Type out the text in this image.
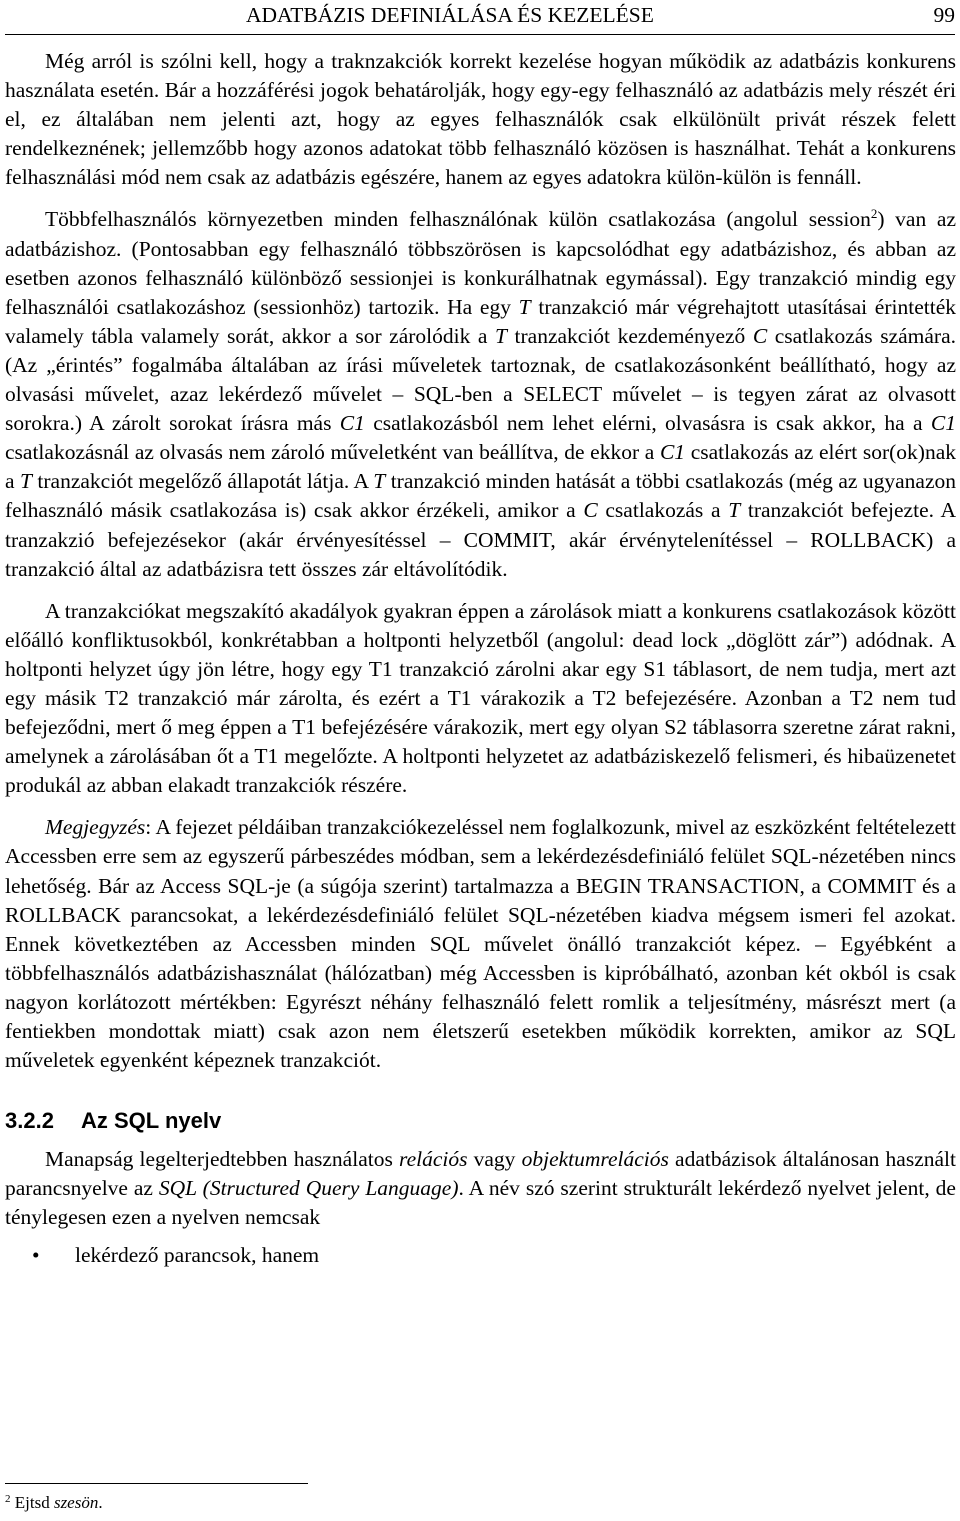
ADATBÁZIS DEFINIÁLÁSA ÉS KEZELÉSE	99

Még arról is szólni kell, hogy a traknzakciók korrekt kezelése hogyan működik az adatbázis konkurens használata esetén. Bár a hozzáférési jogok behatárolják, hogy egy-egy felhasználó az adatbázis mely részét éri el, ez általában nem jelenti azt, hogy az egyes felhasználók csak elkülönült privát részek felett rendelkeznének; jellemzőbb hogy azonos adatokat több felhasználó közösen is használhat. Tehát a konkurens felhasználási mód nem csak az adatbázis egészére, hanem az egyes adatokra külön-külön is fennáll.

Többfelhasználós környezetben minden felhasználónak külön csatlakozása (angolul session$^2$) van az adatbázishoz. (Pontosabban egy felhasználó többszörösen is kapcsolódhat egy adatbázishoz, és abban az esetben azonos felhasználó különböző sessionjei is konkurálhatnak egymással). Egy tranzakció mindig egy felhasználói csatlakozáshoz (sessionhöz) tartozik. Ha egy T tranzakció már végrehajtott utasításai érintették valamely tábla valamely sorát, akkor a sor zárolódik a T tranzakciót kezdeményező C csatlakozás számára. (Az „érintés” fogalmába általában az írási műveletek tartoznak, de csatlakozásonként beállítható, hogy az olvasási művelet, azaz lekérdező művelet – SQL-ben a SELECT művelet – is tegyen zárat az olvasott sorokra.) A zárolt sorokat írásra más C1 csatlakozásból nem lehet elérni, olvasásra is csak akkor, ha a C1 csatlakozásnál az olvasás nem zároló műveletként van beállítva, de ekkor a C1 csatlakozás az elért sor(ok)nak a T tranzakciót megelőző állapotát látja. A T tranzakció minden hatását a többi csatlakozás (még az ugyanazon felhasználó másik csatlakozása is) csak akkor érzékeli, amikor a C csatlakozás a T tranzakciót befejezte. A tranzakzió befejezésekor (akár érvényesítéssel – COMMIT, akár érvénytelenítéssel – ROLLBACK) a tranzakció által az adatbázisra tett összes zár eltávolítódik.

A tranzakciókat megszakító akadályok gyakran éppen a zárolások miatt a konkurens csatlakozások között előálló konfliktusokból, konkrétabban a holtponti helyzetből (angolul: dead lock „döglött zár”) adódnak. A holtponti helyzet úgy jön létre, hogy egy T1 tranzakció zárolni akar egy S1 táblasort, de nem tudja, mert azt egy másik T2 tranzakció már zárolta, és ezért a T1 várakozik a T2 befejezésére. Azonban a T2 nem tud befejeződni, mert ő meg éppen a T1 befejézésére várakozik, mert egy olyan S2 táblasorra szeretne zárat rakni, amelynek a zárolásában őt a T1 megelőzte. A holtponti helyzetet az adatbáziskezelő felismeri, és hibaüzenetet produkál az abban elakadt tranzakciók részére.

Megjegyzés: A fejezet példáiban tranzakciókezeléssel nem foglalkozunk, mivel az eszközként feltételezett Accessben erre sem az egyszerű párbeszédes módban, sem a lekérdezésdefiniáló felület SQL-nézetében nincs lehetőség. Bár az Access SQL-je (a súgója szerint) tartalmazza a BEGIN TRANSACTION, a COMMIT és a ROLLBACK parancsokat, a lekérdezésdefiniáló felület SQL-nézetében kiadva mégsem ismeri fel azokat. Ennek következtében az Accessben minden SQL művelet önálló tranzakciót képez. – Egyébként a többfelhasználós adatbázishasználat (hálózatban) még Accessben is kipróbálható, azonban két okból is csak nagyon korlátozott mértékben: Egyrészt néhány felhasználó felett romlik a teljesítmény, másrészt mert (a fentiekben mondottak miatt) csak azon nem életszerű esetekben működik korrekten, amikor az SQL műveletek egyenként képeznek tranzakciót.

3.2.2 Az SQL nyelv

Manapság legelterjedtebben használatos relációs vagy objektumrelációs adatbázisok általánosan használt parancsnyelve az SQL (Structured Query Language). A név szó szerint strukturált lekérdező nyelvet jelent, de ténylegesen ezen a nyelven nemcsak

• lekérdező parancsok, hanem
$^2$ Ejtsd szesön.
